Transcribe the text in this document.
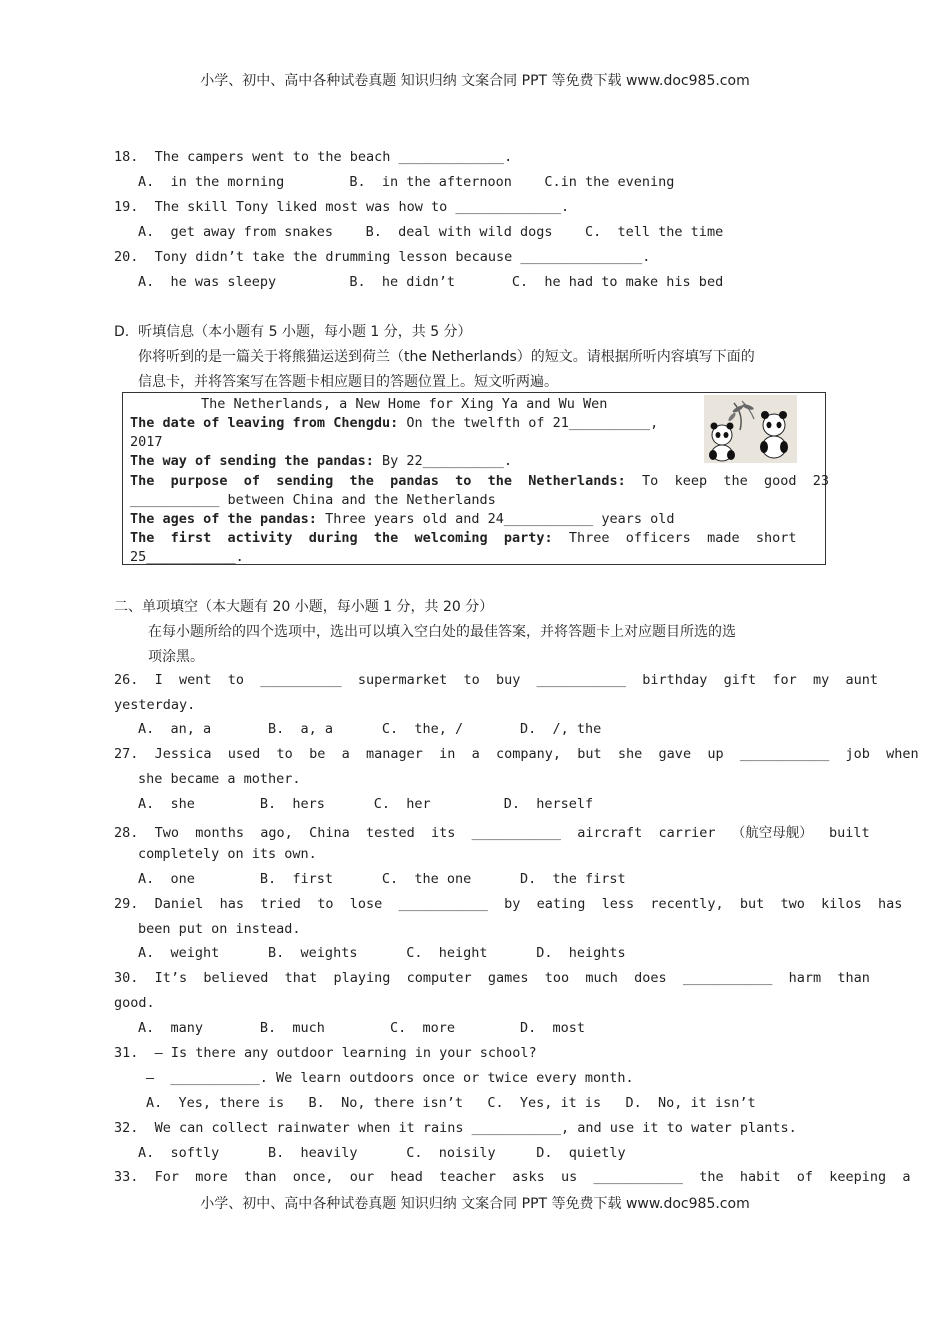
小学、初中、高中各种试卷真题 知识归纳 文案合同 PPT 等免费下载 www.doc985.com
18.  The campers went to the beach _____________.
A.  in the morning        B.  in the afternoon    C.in the evening
19.  The skill Tony liked most was how to _____________.
A.  get away from snakes    B.  deal with wild dogs    C.  tell the time
20.  Tony didn’t take the drumming lesson because _______________.
A.  he was sleepy         B.  he didn’t       C.  he had to make his bed
D.  听填信息（本小题有 5 小题，每小题 1 分，共 5 分）
你将听到的是一篇关于将熊猫运送到荷兰（the Netherlands）的短文。请根据所听内容填写下面的
信息卡，并将答案写在答题卡相应题目的答题位置上。短文听两遍。
The Netherlands, a New Home for Xing Ya and Wu Wen
The date of leaving from Chengdu: On the twelfth of 21__________,
2017
The way of sending the pandas: By 22__________.
The  purpose  of  sending  the  pandas  to  the  Netherlands:  To  keep  the  good  23
___________ between China and the Netherlands
The ages of the pandas: Three years old and 24___________ years old
The  first  activity  during  the  welcoming  party:  Three  officers  made  short
25___________.
二、单项填空（本大题有 20 小题，每小题 1 分，共 20 分）
在每小题所给的四个选项中，选出可以填入空白处的最佳答案，并将答题卡上对应题目所选的选
项涂黑。
26.  I  went  to  __________  supermarket  to  buy  ___________  birthday  gift  for  my  aunt
yesterday.
A.  an, a       B.  a, a      C.  the, /       D.  /, the
27.  Jessica  used  to  be  a  manager  in  a  company,  but  she  gave  up  ___________  job  when
she became a mother.
A.  she        B.  hers      C.  her         D.  herself
28.  Two  months  ago,  China  tested  its  ___________  aircraft  carrier  （航空母舰）  built
completely on its own.
A.  one        B.  first      C.  the one      D.  the first
29.  Daniel  has  tried  to  lose  ___________  by  eating  less  recently,  but  two  kilos  has
been put on instead.
A.  weight      B.  weights      C.  height      D.  heights
30.  It’s  believed  that  playing  computer  games  too  much  does  ___________  harm  than
good.
A.  many       B.  much        C.  more        D.  most
31.  — Is there any outdoor learning in your school?
—  ___________. We learn outdoors once or twice every month.
A.  Yes, there is   B.  No, there isn’t   C.  Yes, it is   D.  No, it isn’t
32.  We can collect rainwater when it rains ___________, and use it to water plants.
A.  softly      B.  heavily      C.  noisily     D.  quietly
33.  For  more  than  once,  our  head  teacher  asks  us  ___________  the  habit  of  keeping  a
小学、初中、高中各种试卷真题 知识归纳 文案合同 PPT 等免费下载 www.doc985.com
